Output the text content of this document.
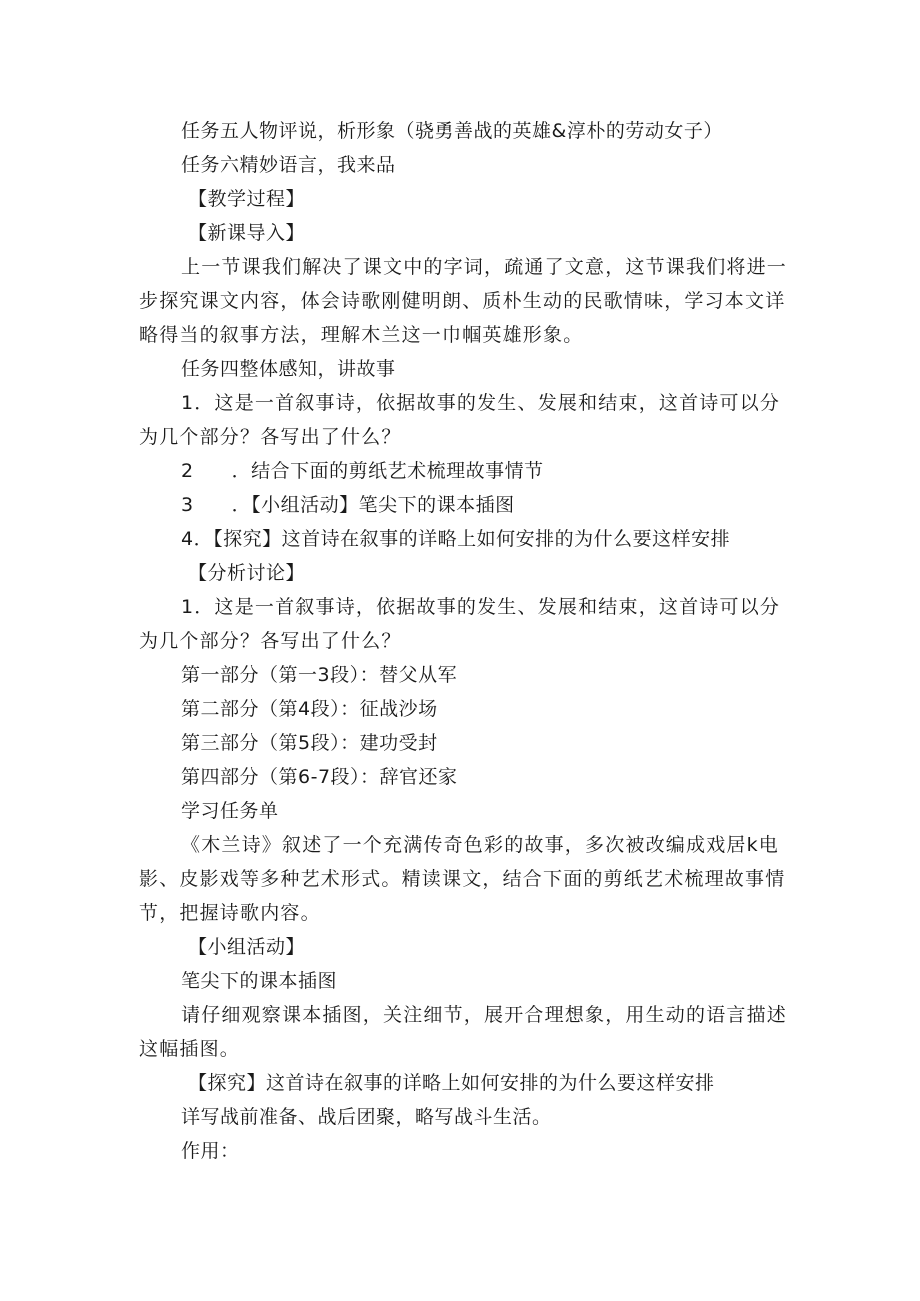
任务五人物评说，析形象（骁勇善战的英雄&淳朴的劳动女子）
任务六精妙语言，我来品
【教学过程】
【新课导入】
上一节课我们解决了课文中的字词，疏通了文意，这节课我们将进一
步探究课文内容，体会诗歌刚健明朗、质朴生动的民歌情味，学习本文详
略得当的叙事方法，理解木兰这一巾帼英雄形象。
任务四整体感知，讲故事
1．这是一首叙事诗，依据故事的发生、发展和结束，这首诗可以分
为几个部分？各写出了什么？
2 ．结合下面的剪纸艺术梳理故事情节
3 ．【小组活动】笔尖下的课本插图
4．【探究】这首诗在叙事的详略上如何安排的为什么要这样安排
【分析讨论】
1．这是一首叙事诗，依据故事的发生、发展和结束，这首诗可以分
为几个部分？各写出了什么？
第一部分（第一3段）：替父从军
第二部分（第4段）：征战沙场
第三部分（第5段）：建功受封
第四部分（第6-7段）：辞官还家
学习任务单
《木兰诗》叙述了一个充满传奇色彩的故事，多次被改编成戏居k电
影、皮影戏等多种艺术形式。精读课文，结合下面的剪纸艺术梳理故事情
节，把握诗歌内容。
【小组活动】
笔尖下的课本插图
请仔细观察课本插图，关注细节，展开合理想象，用生动的语言描述
这幅插图。
【探究】这首诗在叙事的详略上如何安排的为什么要这样安排
详写战前准备、战后团聚，略写战斗生活。
作用：
